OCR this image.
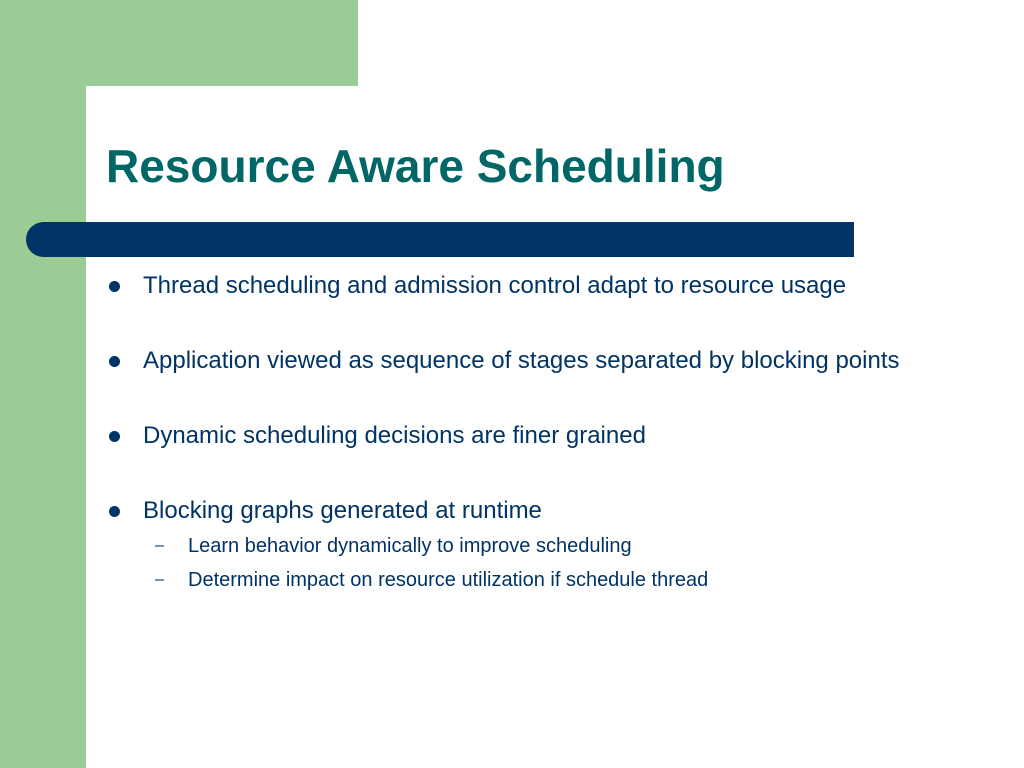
Resource Aware Scheduling
Thread scheduling and admission control adapt to resource usage
Application viewed as sequence of stages separated by blocking points
Dynamic scheduling decisions are finer grained
Blocking graphs generated at runtime
– Learn behavior dynamically to improve scheduling
– Determine impact on resource utilization if schedule thread
